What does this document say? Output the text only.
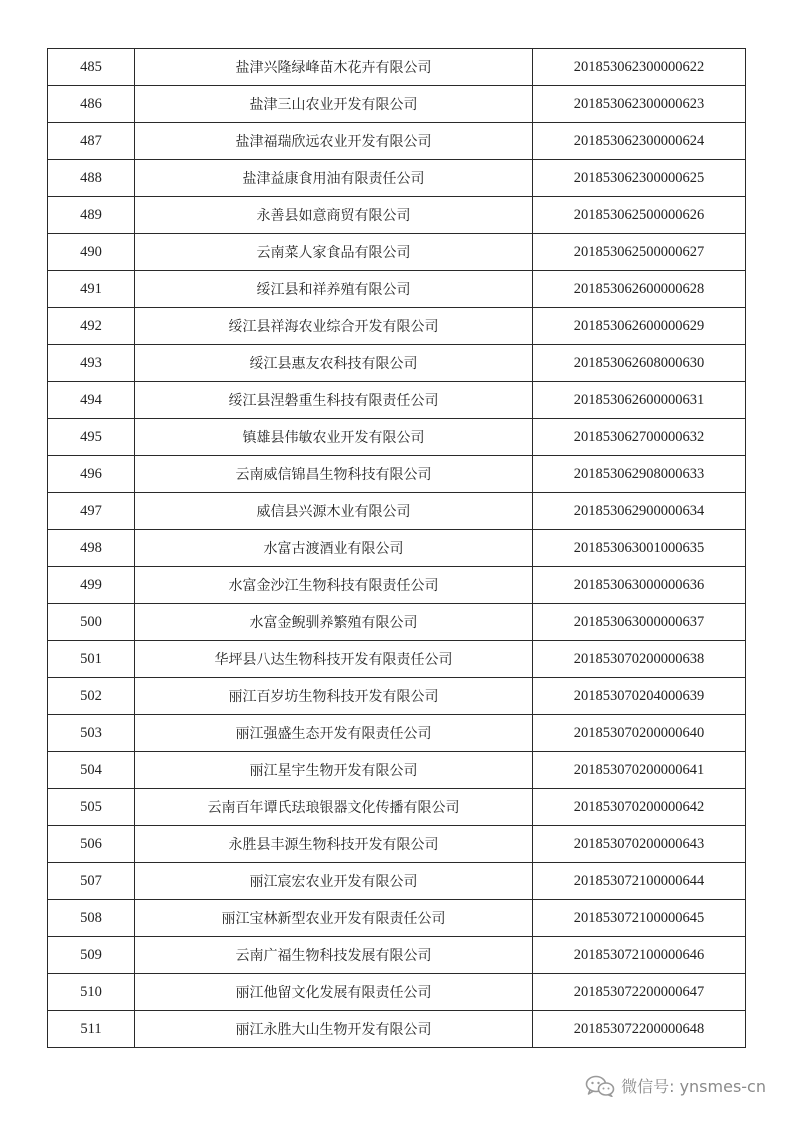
485	盐津兴隆绿峰苗木花卉有限公司	201853062300000622
486	盐津三山农业开发有限公司	201853062300000623
487	盐津福瑞欣远农业开发有限公司	201853062300000624
488	盐津益康食用油有限责任公司	201853062300000625
489	永善县如意商贸有限公司	201853062500000626
490	云南菜人家食品有限公司	201853062500000627
491	绥江县和祥养殖有限公司	201853062600000628
492	绥江县祥海农业综合开发有限公司	201853062600000629
493	绥江县惠友农科技有限公司	201853062608000630
494	绥江县涅磐重生科技有限责任公司	201853062600000631
495	镇雄县伟敏农业开发有限公司	201853062700000632
496	云南威信锦昌生物科技有限公司	201853062908000633
497	威信县兴源木业有限公司	201853062900000634
498	水富古渡酒业有限公司	201853063001000635
499	水富金沙江生物科技有限责任公司	201853063000000636
500	水富金鲵驯养繁殖有限公司	201853063000000637
501	华坪县八达生物科技开发有限责任公司	201853070200000638
502	丽江百岁坊生物科技开发有限公司	201853070204000639
503	丽江强盛生态开发有限责任公司	201853070200000640
504	丽江星宇生物开发有限公司	201853070200000641
505	云南百年谭氏珐琅银器文化传播有限公司	201853070200000642
506	永胜县丰源生物科技开发有限公司	201853070200000643
507	丽江宸宏农业开发有限公司	201853072100000644
508	丽江宝林新型农业开发有限责任公司	201853072100000645
509	云南广福生物科技发展有限公司	201853072100000646
510	丽江他留文化发展有限责任公司	201853072200000647
511	丽江永胜大山生物开发有限公司	201853072200000648
微信号: ynsmes-cn
